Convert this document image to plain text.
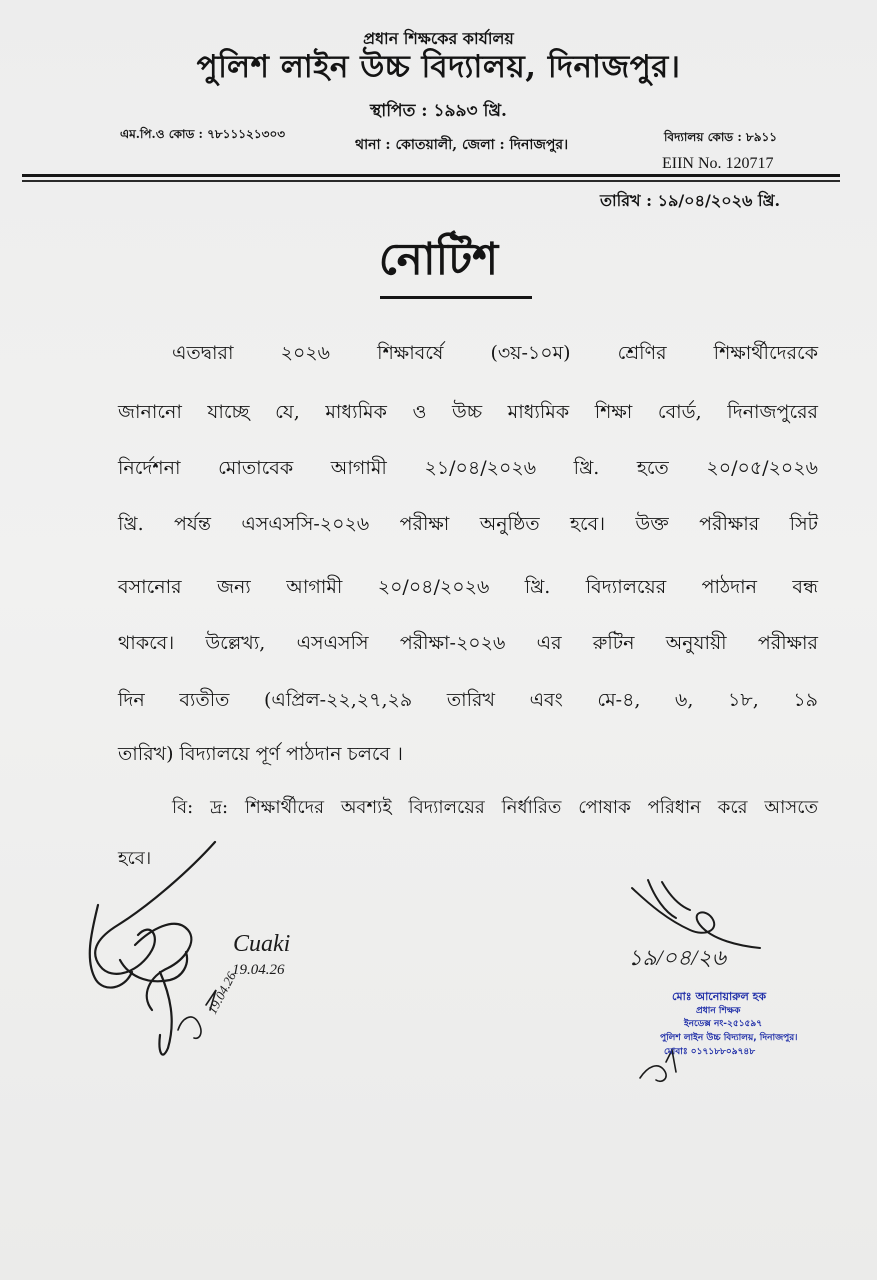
প্রধান শিক্ষকের কার্যালয়
পুলিশ লাইন উচ্চ বিদ্যালয়, দিনাজপুর।
স্থাপিত : ১৯৯৩ খ্রি.
এম.পি.ও কোড : ৭৮১১১২১৩০৩
থানা : কোতয়ালী, জেলা : দিনাজপুর।	বিদ্যালয় কোড : ৮৯১১
EIIN No. 120717
তারিখ : ১৯/০৪/২০২৬ খ্রি.
নোটিশ
এতদ্বারা ২০২৬ শিক্ষাবর্ষে (৩য়-১০ম) শ্রেণির শিক্ষার্থীদেরকে
জানানো যাচ্ছে যে, মাধ্যমিক ও উচ্চ মাধ্যমিক শিক্ষা বোর্ড, দিনাজপুরের
নির্দেশনা মোতাবেক আগামী ২১/০৪/২০২৬ খ্রি. হতে ২০/০৫/২০২৬
খ্রি. পর্যন্ত এসএসসি-২০২৬ পরীক্ষা অনুষ্ঠিত হবে। উক্ত পরীক্ষার সিট
বসানোর জন্য আগামী ২০/০৪/২০২৬ খ্রি. বিদ্যালয়ের পাঠদান বন্ধ
থাকবে। উল্লেখ্য, এসএসসি পরীক্ষা-২০২৬ এর রুটিন অনুযায়ী পরীক্ষার
দিন ব্যতীত (এপ্রিল-২২,২৭,২৯ তারিখ এবং মে-৪, ৬, ১৮, ১৯
তারিখ) বিদ্যালয়ে পূর্ণ পাঠদান চলবে ।
বি: দ্র: শিক্ষার্থীদের অবশ্যই বিদ্যালয়ের নির্ধারিত পোষাক পরিধান করে আসতে
হবে।
19.04.26
Cuaki
19.04.26	১৯/০৪/২৬
মোঃ আনোয়ারুল হক
প্রধান শিক্ষক
ইনডেক্স নং-২৫১৫৯৭
পুলিশ লাইন উচ্চ বিদ্যালয়, দিনাজপুর।
মোবাঃ ০১৭১৮৮০৯৭৪৮
